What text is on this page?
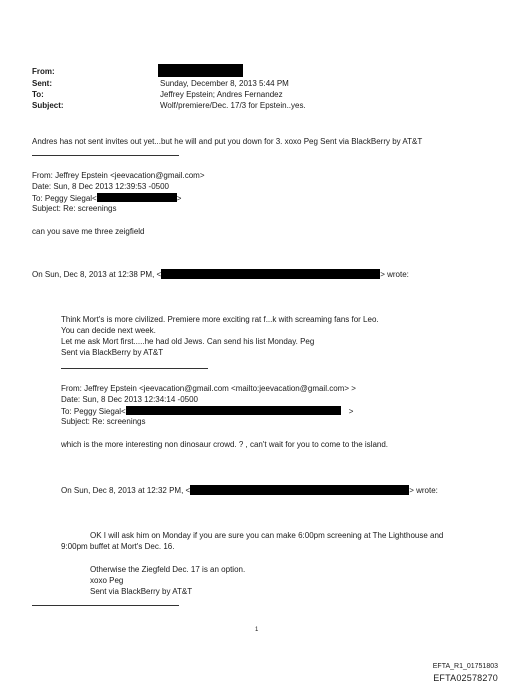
From:
Sent:	Sunday, December 8, 2013 5:44 PM
To:	Jeffrey Epstein; Andres Fernandez
Subject:	Wolf/premiere/Dec. 17/3 for Epstein..yes.
Andres has not sent invites out yet...but he will and put you down for 3. xoxo Peg Sent via BlackBerry by AT&T
From: Jeffrey Epstein <jeevacation@gmail.com>
Date: Sun, 8 Dec 2013 12:39:53 -0500
To: Peggy Siegal<	>
Subject: Re: screenings
can you save me three zeigfield
On Sun, Dec 8, 2013 at 12:38 PM, <	> wrote:
Think Mort's is more civilized. Premiere more exciting rat f...k with screaming fans for Leo.
You can decide next week.
Let me ask Mort first.....he had old Jews. Can send his list Monday. Peg
Sent via BlackBerry by AT&T
From: Jeffrey Epstein <jeevacation@gmail.com <mailto:jeevacation@gmail.com> >
Date: Sun, 8 Dec 2013 12:34:14 -0500
To: Peggy Siegal<	>
Subject: Re: screenings
which is the more interesting non dinosaur crowd. ? , can't wait for you to come to the island.
On Sun, Dec 8, 2013 at 12:32 PM, <	> wrote:
OK I will ask him on Monday if you are sure you can make 6:00pm screening at The Lighthouse and
9:00pm buffet at Mort's Dec. 16.
Otherwise the Ziegfeld Dec. 17 is an option.
xoxo Peg
Sent via BlackBerry by AT&T
1
EFTA_R1_01751803
EFTA02578270
